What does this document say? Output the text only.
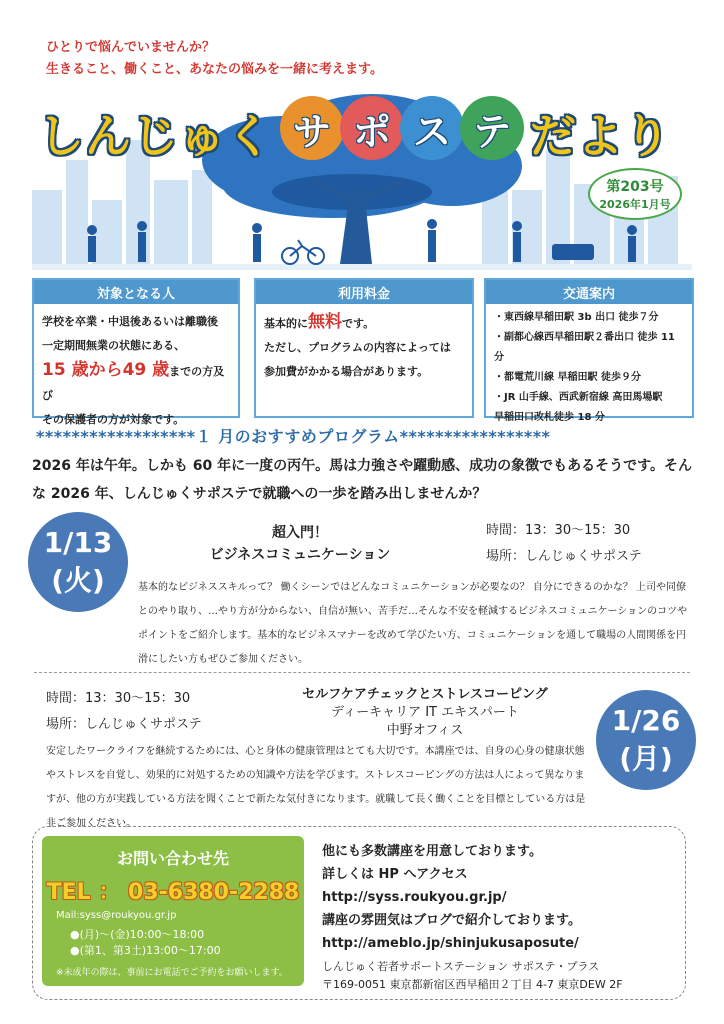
ひとりで悩んでいませんか？
生きること、働くこと、あなたの悩みを一緒に考えます。
しんじゅく サ ポ ス テ だより
第203号
2026年1月号
対象となる人
学校を卒業・中退後あるいは離職後
一定期間無業の状態にある、
15 歳から49 歳までの方及び
その保護者の方が対象です。
利用料金
基本的に無料です。
ただし、プログラムの内容によっては
参加費がかかる場合があります。
交通案内
・東西線早稲田駅 3b 出口 徒歩７分
・副都心線西早稲田駅２番出口 徒歩 11 分
・都電荒川線 早稲田駅 徒歩９分
・JR 山手線、西武新宿線 高田馬場駅
早稲田口改札徒歩 18 分
******************１ 月のおすすめプログラム*****************
2026 年は午年。しかも 60 年に一度の丙午。馬は力強さや躍動感、成功の象徴でもあるそうです。そんな 2026 年、しんじゅくサポステで就職への一歩を踏み出しませんか？
1/13
(火)
超入門！
ビジネスコミュニケーション
時間：13：30〜15：30
場所：しんじゅくサポステ
基本的なビジネススキルって？ 働くシーンではどんなコミュニケーションが必要なの？ 自分にできるのかな？ 上司や同僚とのやり取り、…やり方が分からない、自信が無い、苦手だ…そんな不安を軽減するビジネスコミュニケーションのコツやポイントをご紹介します。基本的なビジネスマナーを改めて学びたい方、コミュニケーションを通して職場の人間関係を円滑にしたい方もぜひご参加ください。
時間：13：30〜15：30
場所：しんじゅくサポステ
セルフケアチェックとストレスコーピング
ディーキャリア IT エキスパート
中野オフィス	1/26
(月)
安定したワークライフを継続するためには、心と身体の健康管理はとても大切です。本講座では、自身の心身の健康状態やストレスを自覚し、効果的に対処するための知識や方法を学びます。ストレスコーピングの方法は人によって異なりますが、他の方が実践している方法を聞くことで新たな気付きになります。就職して長く働くことを目標としている方は是非ご参加ください。
お問い合わせ先
TEL ： 03-6380-2288
Mail:syss@roukyou.gr.jp
●(月)〜(金)10:00〜18:00
●(第1、第3土)13:00〜17:00
※未成年の際は、事前にお電話でご予約をお願いします。
他にも多数講座を用意しております。
詳しくは HP へアクセス
http://syss.roukyou.gr.jp/
講座の雰囲気はブログで紹介しております。
http://ameblo.jp/shinjukusaposute/
しんじゅく若者サポートステーション サポステ・プラス
〒169-0051 東京都新宿区西早稲田２丁目 4-7 東京DEW 2F
